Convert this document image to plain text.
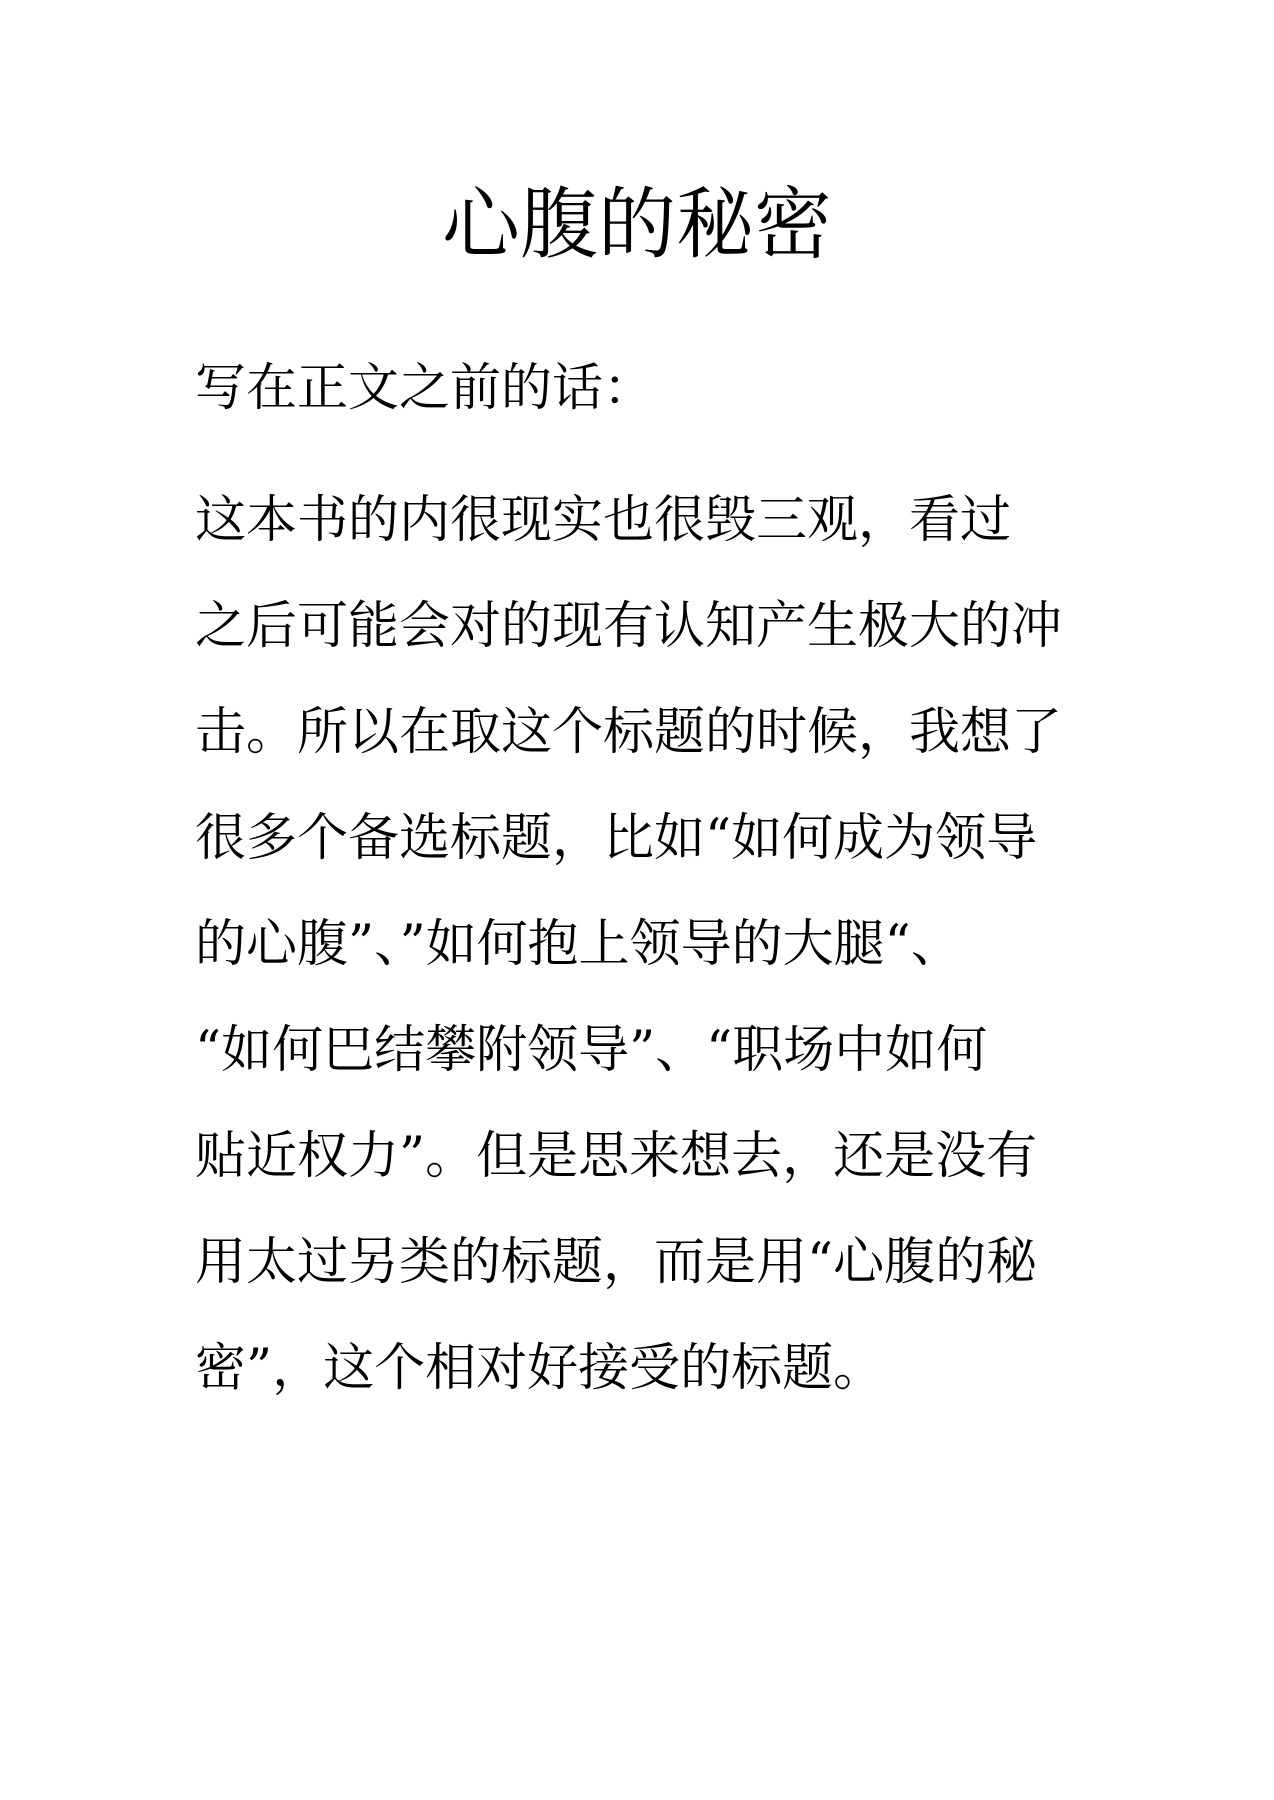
心腹的秘密

写在正文之前的话：

这本书的内很现实也很毁三观，看过

之后可能会对的现有认知产生极大的冲

击。所以在取这个标题的时候，我想了

很多个备选标题，比如“如何成为领导

的心腹”、”如何抱上领导的大腿“、

“如何巴结攀附领导”、“职场中如何

贴近权力”。但是思来想去，还是没有

用太过另类的标题，而是用“心腹的秘

密”，这个相对好接受的标题。
